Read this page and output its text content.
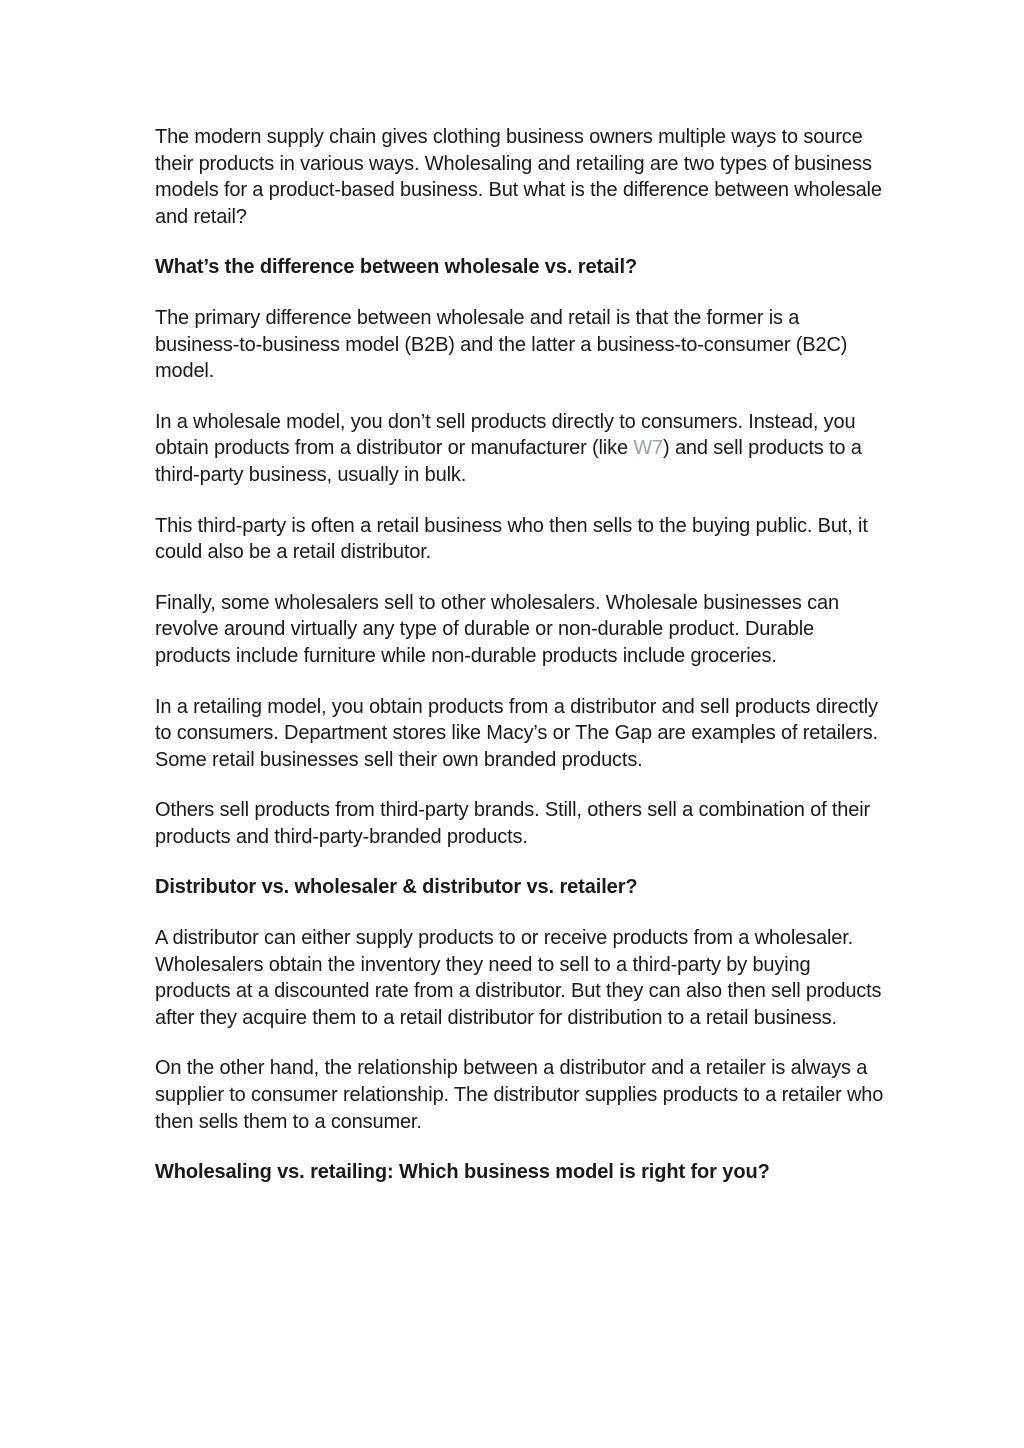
The modern supply chain gives clothing business owners multiple ways to source their products in various ways. Wholesaling and retailing are two types of business models for a product-based business. But what is the difference between wholesale and retail?

What’s the difference between wholesale vs. retail?

The primary difference between wholesale and retail is that the former is a business-to-business model (B2B) and the latter a business-to-consumer (B2C) model.

In a wholesale model, you don’t sell products directly to consumers. Instead, you obtain products from a distributor or manufacturer (like W7) and sell products to a third-party business, usually in bulk.

This third-party is often a retail business who then sells to the buying public. But, it could also be a retail distributor.

Finally, some wholesalers sell to other wholesalers. Wholesale businesses can revolve around virtually any type of durable or non-durable product. Durable products include furniture while non-durable products include groceries.

In a retailing model, you obtain products from a distributor and sell products directly to consumers. Department stores like Macy’s or The Gap are examples of retailers. Some retail businesses sell their own branded products.

Others sell products from third-party brands. Still, others sell a combination of their products and third-party-branded products.

Distributor vs. wholesaler & distributor vs. retailer?

A distributor can either supply products to or receive products from a wholesaler. Wholesalers obtain the inventory they need to sell to a third-party by buying products at a discounted rate from a distributor. But they can also then sell products after they acquire them to a retail distributor for distribution to a retail business.

On the other hand, the relationship between a distributor and a retailer is always a supplier to consumer relationship. The distributor supplies products to a retailer who then sells them to a consumer.

Wholesaling vs. retailing: Which business model is right for you?
